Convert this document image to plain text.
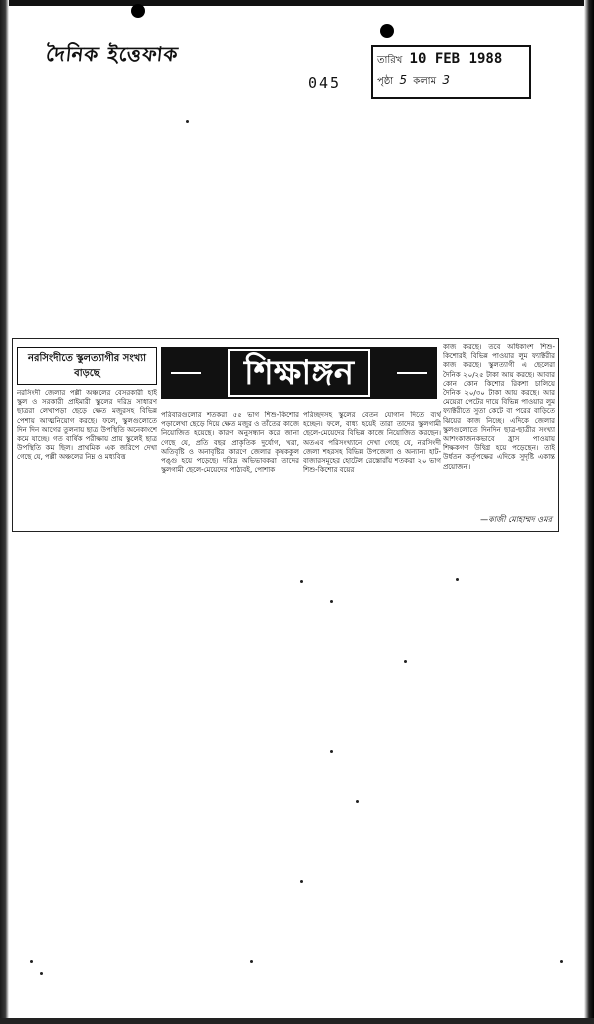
দৈনিক ইত্তেফাক
045
তারিখ 10 FEB 1988
পৃষ্ঠা 5 কলাম 3
নরসিংদীতে স্কুলত্যাগীর সংখ্যা বাড়ছে	শিক্ষাঙ্গন
নরসিংদী জেলার পল্লী অঞ্চলের বেসরকারী হাই স্কুল ও সরকারী প্রাইমারী স্কুলের দরিদ্র সাধারণ ছাত্ররা লেখাপড়া ছেড়ে ক্ষেত মজুরসহ বিভিন্ন পেশায় আত্মনিয়োগ করছে। ফলে, স্কুলগুলোতে দিন দিন আগের তুলনায় ছাত্র উপস্থিতি অনেকাংশে কমে যাচ্ছে। গত বার্ষিক পরীক্ষায় প্রায় স্কুলেই ছাত্র উপস্থিতি কম ছিল। প্রাথমিক এক জরিপে দেখা গেছে যে, পল্লী অঞ্চলের নিম্ন ও মধ্যবিত্ত
পরিবারগুলোর শতকরা ৫৫ ভাগ শিশু-কিশোর পড়ালেখা ছেড়ে দিয়ে ক্ষেত মজুর ও তাঁতের কাজে নিয়োজিত হয়েছে। কারণ অনুসন্ধান করে জানা গেছে যে, প্রতি বছর প্রাকৃতিক দুর্যোগ, খরা, অতিবৃষ্টি ও অনাবৃষ্টির কারণে জেলার কৃষককুল পঙ্গু হয়ে পড়েছে। দরিদ্র অভিভাবকরা তাদের স্কুলগামী ছেলে-মেয়েদের পাঠ্যবই, পোশাক
পরিচ্ছদসহ স্কুলের বেতন যোগান দিতে ব্যর্থ হচ্ছেন। ফলে, বাধ্য হয়েই তারা তাদের স্কুলগামী ছেলে-মেয়েদের বিভিন্ন কাজে নিয়োজিত করছেন। অতএব পরিসংখ্যানে দেখা গেছে যে, নরসিংদী জেলা শহরসহ বিভিন্ন উপজেলা ও অন্যান্য হাট-বাজারসমূহের হোটেল রেস্তোরাঁয় শতকরা ২০ ভাগ শিশু-কিশোর বয়ের
কাজ করছে। তবে অধিকাংশ শিশু-কিশোরই বিভিন্ন পাওয়ার লুম ফ্যাক্টরীর কাজ করছে। স্কুলত্যাগী এ ছেলেরা দৈনিক ২০/২৫ টাকা আয় করছে। আবার কোন কোন কিশোর রিকশা চালিয়ে দৈনিক ২০/৩০ টাকা আয় করছে। আর মেয়েরা পেটের দায়ে বিভিন্ন পাওয়ার লুম ফ্যাক্টরীতে সুতা কেটে বা পরের বাড়িতে ঝিয়ের কাজ নিচ্ছে। এদিকে জেলার স্কুলগুলোতে দিনদিন ছাত্র-ছাত্রীর সংখ্যা আশংকাজনকভাবে হ্রাস পাওয়ায় শিক্ষকগণ উদ্বিগ্ন হয়ে পড়েছেন। তাই উর্ধতন কর্তৃপক্ষের এদিকে সুদৃষ্টি একান্ত প্রয়োজন।
—কাজী মোহাম্মদ ওমর
